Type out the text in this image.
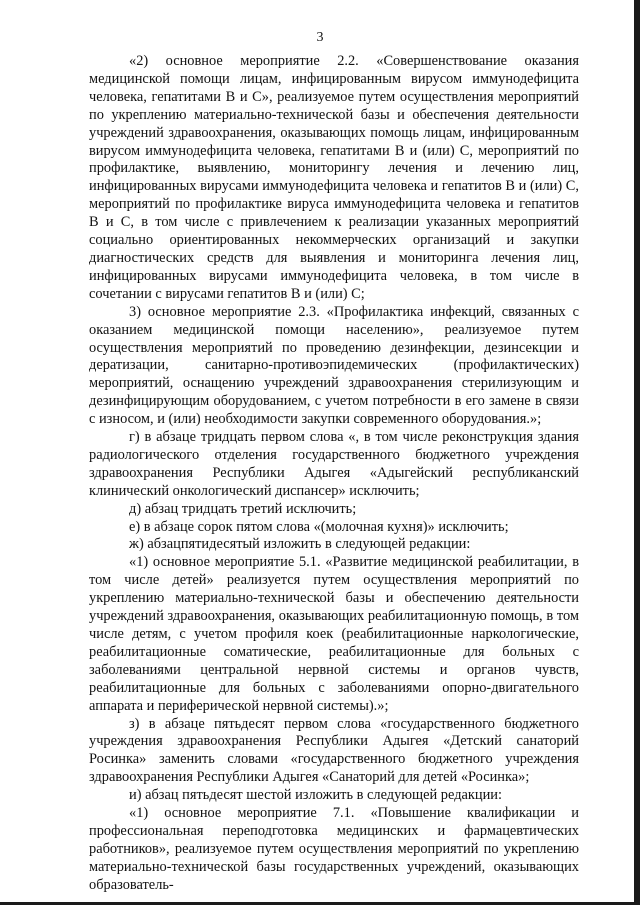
3

«2) основное мероприятие 2.2. «Совершенствование оказания медицинской помощи лицам, инфицированным вирусом иммунодефицита человека, гепатитами В и С», реализуемое путем осуществления мероприятий по укреплению материально-технической базы и обеспечения деятельности учреждений здравоохранения, оказывающих помощь лицам, инфицированным вирусом иммунодефицита человека, гепатитами В и (или) С, мероприятий по профилактике, выявлению, мониторингу лечения и лечению лиц, инфицированных вирусами иммунодефицита человека и гепатитов В и (или) С, мероприятий по профилактике вируса иммунодефицита человека и гепатитов В и С, в том числе с привлечением к реализации указанных мероприятий социально ориентированных некоммерческих организаций и закупки диагностических средств для выявления и мониторинга лечения лиц, инфицированных вирусами иммунодефицита человека, в том числе в сочетании с вирусами гепатитов В и (или) С;

3) основное мероприятие 2.3. «Профилактика инфекций, связанных с оказанием медицинской помощи населению», реализуемое путем осуществления мероприятий по проведению дезинфекции, дезинсекции и дератизации, санитарно-противоэпидемических (профилактических) мероприятий, оснащению учреждений здравоохранения стерилизующим и дезинфицирующим оборудованием, с учетом потребности в его замене в связи с износом, и (или) необходимости закупки современного оборудования.»;

г) в абзаце тридцать первом слова «, в том числе реконструкция здания радиологического отделения государственного бюджетного учреждения здравоохранения Республики Адыгея «Адыгейский республиканский клинический онкологический диспансер» исключить;

д) абзац тридцать третий исключить;

е) в абзаце сорок пятом слова «(молочная кухня)» исключить;

ж) абзацпятидесятый изложить в следующей редакции:

«1) основное мероприятие 5.1. «Развитие медицинской реабилитации, в том числе детей» реализуется путем осуществления мероприятий по укреплению материально-технической базы и обеспечению деятельности учреждений здравоохранения, оказывающих реабилитационную помощь, в том числе детям, с учетом профиля коек (реабилитационные наркологические, реабилитационные соматические, реабилитационные для больных с заболеваниями центральной нервной системы и органов чувств, реабилитационные для больных с заболеваниями опорно-двигательного аппарата и периферической нервной системы).»;

з) в абзаце пятьдесят первом слова «государственного бюджетного учреждения здравоохранения Республики Адыгея «Детский санаторий Росинка» заменить словами «государственного бюджетного учреждения здравоохранения Республики Адыгея «Санаторий для детей «Росинка»;

и) абзац пятьдесят шестой изложить в следующей редакции:

«1) основное мероприятие 7.1. «Повышение квалификации и профессиональная переподготовка медицинских и фармацевтических работников», реализуемое путем осуществления мероприятий по укреплению материально-технической базы государственных учреждений, оказывающих образователь-
